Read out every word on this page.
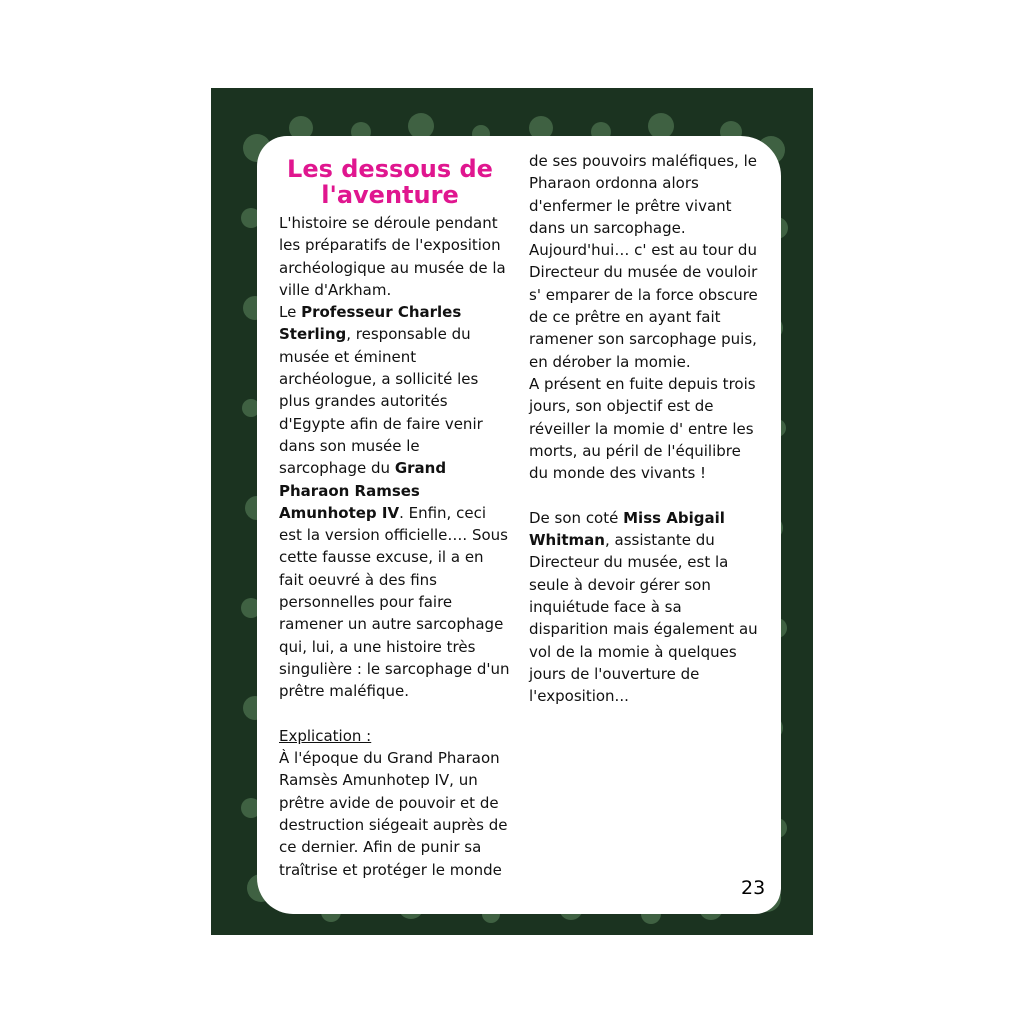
Les dessous de l'aventure

L'histoire se déroule pendant les préparatifs de l'exposition archéologique au musée de la ville d'Arkham.

Le Professeur Charles Sterling, responsable du musée et éminent archéologue, a sollicité les plus grandes autorités d'Egypte afin de faire venir dans son musée le sarcophage du Grand Pharaon Ramses Amunhotep IV. Enfin, ceci est la version officielle…. Sous cette fausse excuse, il a en fait oeuvré à des fins personnelles pour faire ramener un autre sarcophage qui, lui, a une histoire très singulière : le sarcophage d'un prêtre maléfique.

Explication :

À l'époque du Grand Pharaon Ramsès Amunhotep IV, un prêtre avide de pouvoir et de destruction siégeait auprès de ce dernier. Afin de punir sa traîtrise et protéger le monde

de ses pouvoirs maléfiques, le Pharaon ordonna alors d'enfermer le prêtre vivant dans un sarcophage.

Aujourd'hui… c' est au tour du Directeur du musée de vouloir s' emparer de la force obscure de ce prêtre en ayant fait ramener son sarcophage puis, en dérober la momie.

A présent en fuite depuis trois jours, son objectif est de réveiller la momie d' entre les morts, au péril de l'équilibre du monde des vivants !

De son coté Miss Abigail Whitman, assistante du Directeur du musée, est la seule à devoir gérer son inquiétude face à sa disparition mais également au vol de la momie à quelques jours de l'ouverture de l'exposition...

23
